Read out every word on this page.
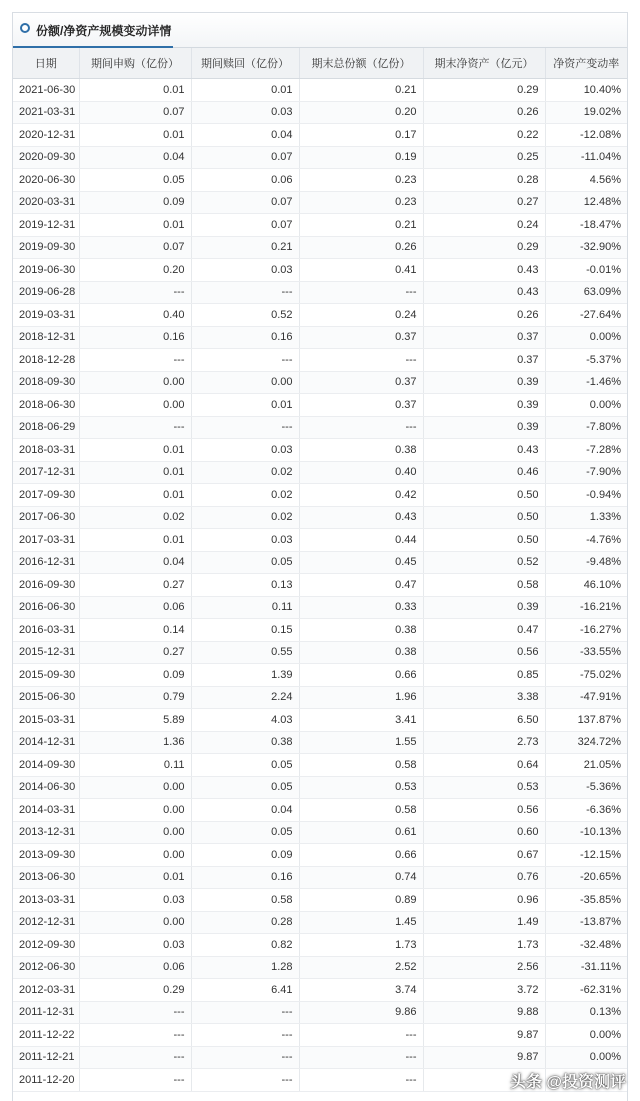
份额/净资产规模变动详情
日期	期间申购（亿份）	期间赎回（亿份）	期末总份额（亿份）	期末净资产（亿元）	净资产变动率
2021-06-30	0.01	0.01	0.21	0.29	10.40%
2021-03-31	0.07	0.03	0.20	0.26	19.02%
2020-12-31	0.01	0.04	0.17	0.22	-12.08%
2020-09-30	0.04	0.07	0.19	0.25	-11.04%
2020-06-30	0.05	0.06	0.23	0.28	4.56%
2020-03-31	0.09	0.07	0.23	0.27	12.48%
2019-12-31	0.01	0.07	0.21	0.24	-18.47%
2019-09-30	0.07	0.21	0.26	0.29	-32.90%
2019-06-30	0.20	0.03	0.41	0.43	-0.01%
2019-06-28	---	---	---	0.43	63.09%
2019-03-31	0.40	0.52	0.24	0.26	-27.64%
2018-12-31	0.16	0.16	0.37	0.37	0.00%
2018-12-28	---	---	---	0.37	-5.37%
2018-09-30	0.00	0.00	0.37	0.39	-1.46%
2018-06-30	0.00	0.01	0.37	0.39	0.00%
2018-06-29	---	---	---	0.39	-7.80%
2018-03-31	0.01	0.03	0.38	0.43	-7.28%
2017-12-31	0.01	0.02	0.40	0.46	-7.90%
2017-09-30	0.01	0.02	0.42	0.50	-0.94%
2017-06-30	0.02	0.02	0.43	0.50	1.33%
2017-03-31	0.01	0.03	0.44	0.50	-4.76%
2016-12-31	0.04	0.05	0.45	0.52	-9.48%
2016-09-30	0.27	0.13	0.47	0.58	46.10%
2016-06-30	0.06	0.11	0.33	0.39	-16.21%
2016-03-31	0.14	0.15	0.38	0.47	-16.27%
2015-12-31	0.27	0.55	0.38	0.56	-33.55%
2015-09-30	0.09	1.39	0.66	0.85	-75.02%
2015-06-30	0.79	2.24	1.96	3.38	-47.91%
2015-03-31	5.89	4.03	3.41	6.50	137.87%
2014-12-31	1.36	0.38	1.55	2.73	324.72%
2014-09-30	0.11	0.05	0.58	0.64	21.05%
2014-06-30	0.00	0.05	0.53	0.53	-5.36%
2014-03-31	0.00	0.04	0.58	0.56	-6.36%
2013-12-31	0.00	0.05	0.61	0.60	-10.13%
2013-09-30	0.00	0.09	0.66	0.67	-12.15%
2013-06-30	0.01	0.16	0.74	0.76	-20.65%
2013-03-31	0.03	0.58	0.89	0.96	-35.85%
2012-12-31	0.00	0.28	1.45	1.49	-13.87%
2012-09-30	0.03	0.82	1.73	1.73	-32.48%
2012-06-30	0.06	1.28	2.52	2.56	-31.11%
2012-03-31	0.29	6.41	3.74	3.72	-62.31%
2011-12-31	---	---	9.86	9.88	0.13%
2011-12-22	---	---	---	9.87	0.00%
2011-12-21	---	---	---	9.87	0.00%
2011-12-20	---	---	---			头条 @投资测评
